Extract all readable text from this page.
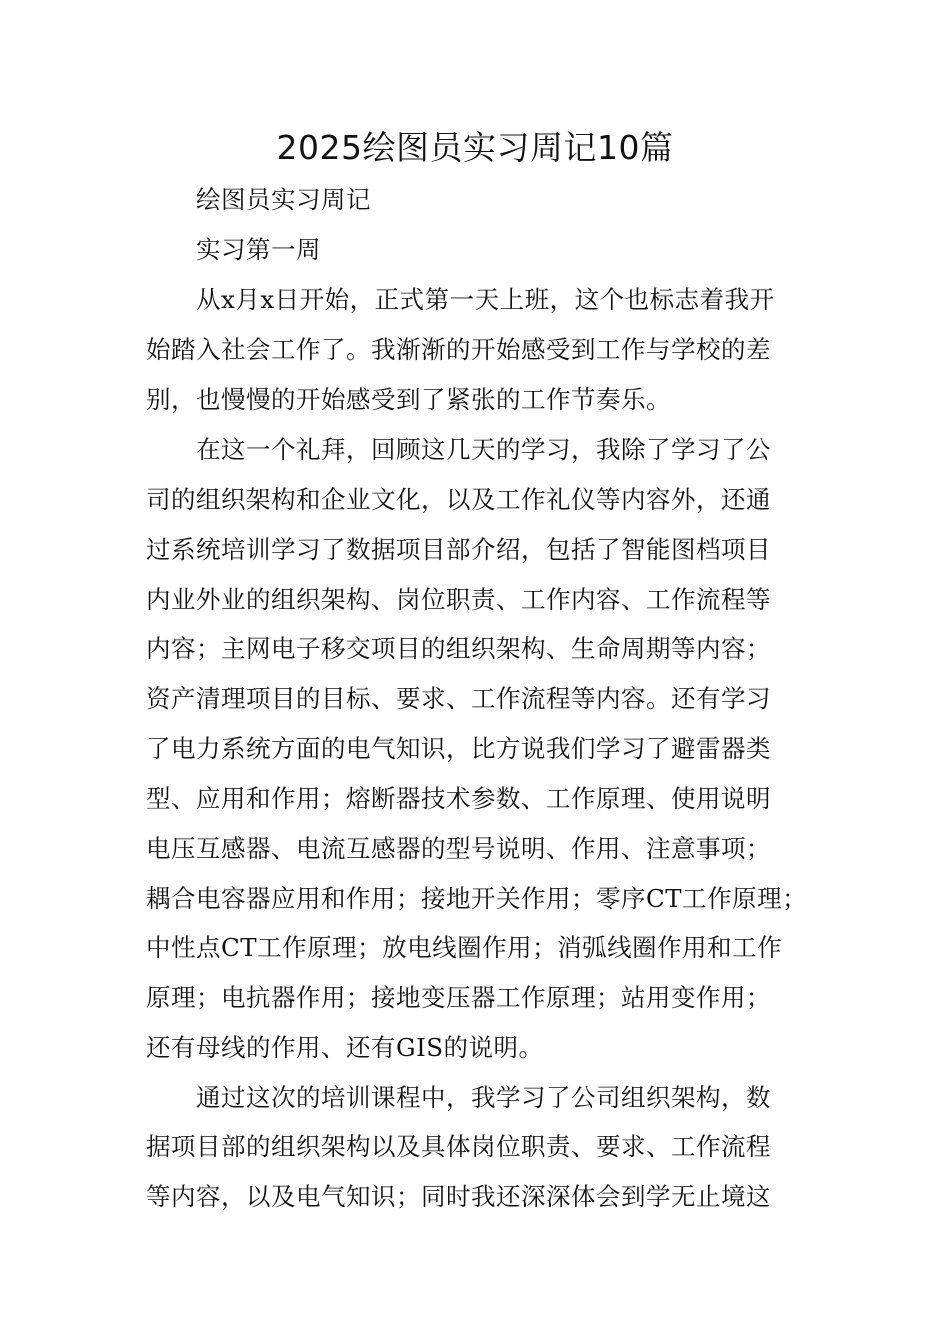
2025绘图员实习周记10篇
绘图员实习周记
实习第一周
从x月x日开始，正式第一天上班，这个也标志着我开
始踏入社会工作了。我渐渐的开始感受到工作与学校的差
别，也慢慢的开始感受到了紧张的工作节奏乐。
在这一个礼拜，回顾这几天的学习，我除了学习了公
司的组织架构和企业文化，以及工作礼仪等内容外，还通
过系统培训学习了数据项目部介绍，包括了智能图档项目
内业外业的组织架构、岗位职责、工作内容、工作流程等
内容；主网电子移交项目的组织架构、生命周期等内容；
资产清理项目的目标、要求、工作流程等内容。还有学习
了电力系统方面的电气知识，比方说我们学习了避雷器类
型、应用和作用；熔断器技术参数、工作原理、使用说明
电压互感器、电流互感器的型号说明、作用、注意事项；
耦合电容器应用和作用；接地开关作用；零序CT工作原理；
中性点CT工作原理；放电线圈作用；消弧线圈作用和工作
原理；电抗器作用；接地变压器工作原理；站用变作用；
还有母线的作用、还有GIS的说明。
通过这次的培训课程中，我学习了公司组织架构，数
据项目部的组织架构以及具体岗位职责、要求、工作流程
等内容，以及电气知识；同时我还深深体会到学无止境这
